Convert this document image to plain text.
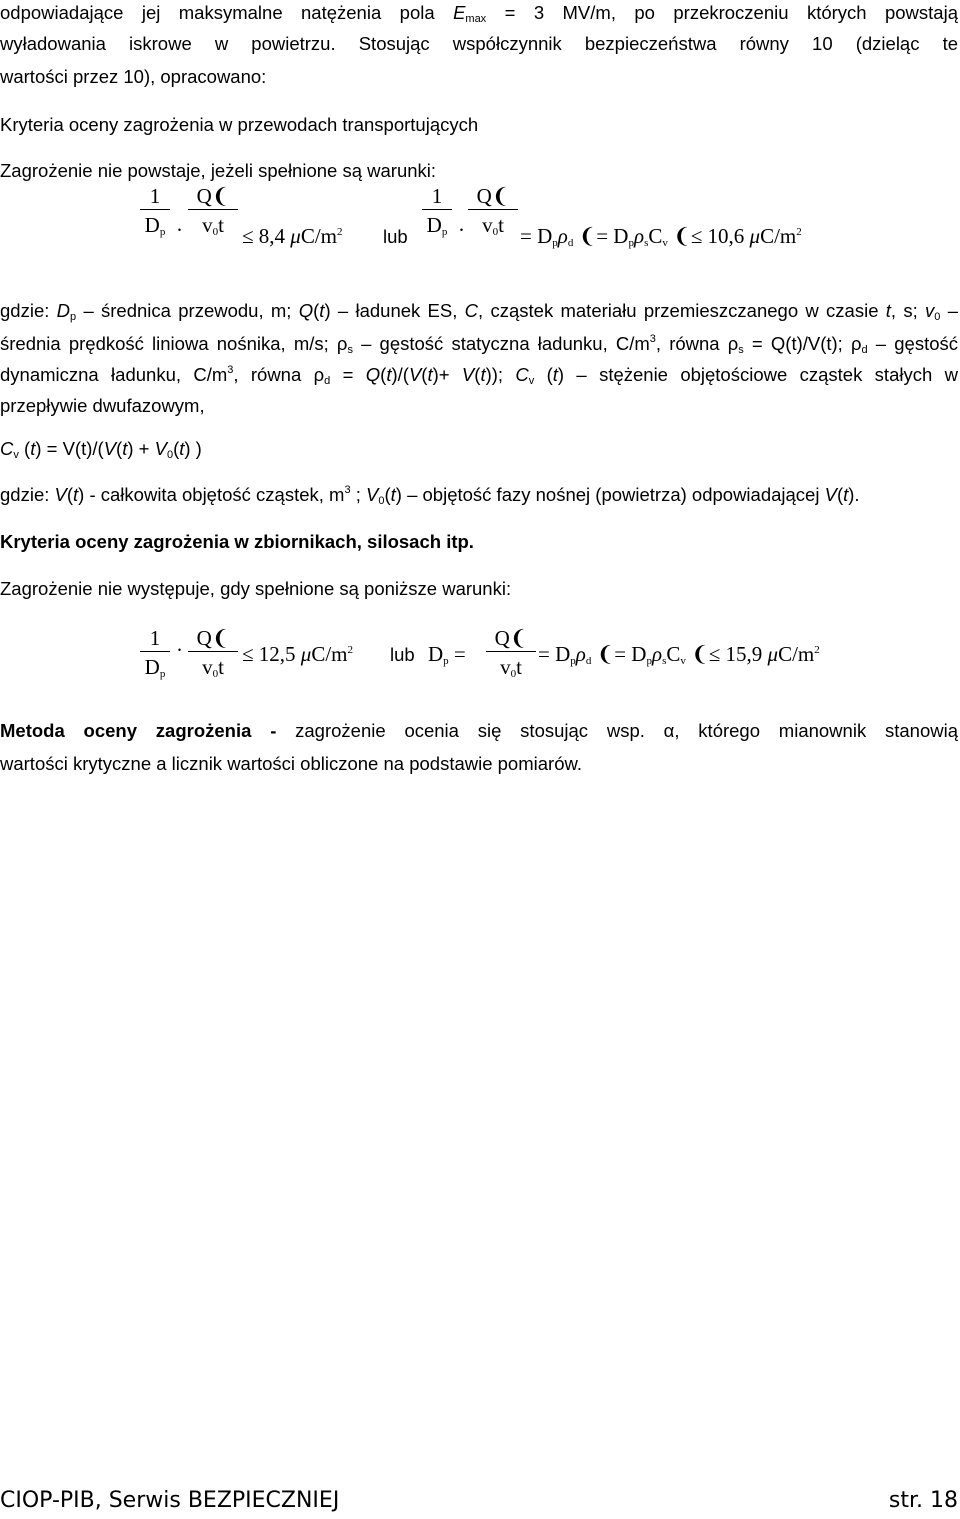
odpowiadające jej maksymalne natężenia pola $E_{max} = 3$ MV/m, po przekroczeniu których powstają
wyładowania iskrowe w powietrzu. Stosując współczynnik bezpieczeństwa równy 10 (dzieląc te
wartości przez 10), opracowano:
Kryteria oceny zagrożenia w przewodach transportujących
Zagrożenie nie powstaje, jeżeli spełnione są warunki:
1
$D_p$ ·
Q❨
$v_0t \le 8,4$ $\mu C/m^2$ lub
1
$D_p$ ·
Q❨
$v_0t = D_p\rho_d$ ❨= $D_p\rho_sC_v$ ❨≤ 10,6 $\mu C/m^2$
gdzie: $D_p$ – średnica przewodu, m; Q(t) – ładunek ES, C, cząstek materiału przemieszczanego w czasie t, s; $v_0$ –
średnia prędkość liniowa nośnika, m/s; $\rho_s$ – gęstość statyczna ładunku, $C/m^3$, równa $\rho_s = Q(t)/V(t)$; $\rho_d$ – gęstość
dynamiczna ładunku, $C/m^3$, równa $\rho_d = Q(t)/(V(t)+ V(t))$; $C_v$ (t) – stężenie objętościowe cząstek stałych w
przepływie dwufazowym,
$C_v$ $(t) = V(t)/(V(t) + V_0(t)$ )
gdzie: V(t) - całkowita objętość cząstek, $m^3$ ; $V_0(t)$ – objętość fazy nośnej (powietrza) odpowiadającej V(t).
Kryteria oceny zagrożenia w zbiornikach, silosach itp.
Zagrożenie nie występuje, gdy spełnione są poniższe warunki:
1
$D_p$
· Q❨
$v_0t$
≤ 12,5 $\mu C/m^2$ lub $D_p$ =
Q❨
$v_0t$
= $D_p\rho_d$ ❨= $D_p\rho_sC_v$ ❨≤ 15,9 $\mu C/m^2$
Metoda oceny zagrożenia - zagrożenie ocenia się stosując wsp. α, którego mianownik stanowią
wartości krytyczne a licznik wartości obliczone na podstawie pomiarów.
CIOP-PIB, Serwis BEZPIECZNIEJ	str. 18
